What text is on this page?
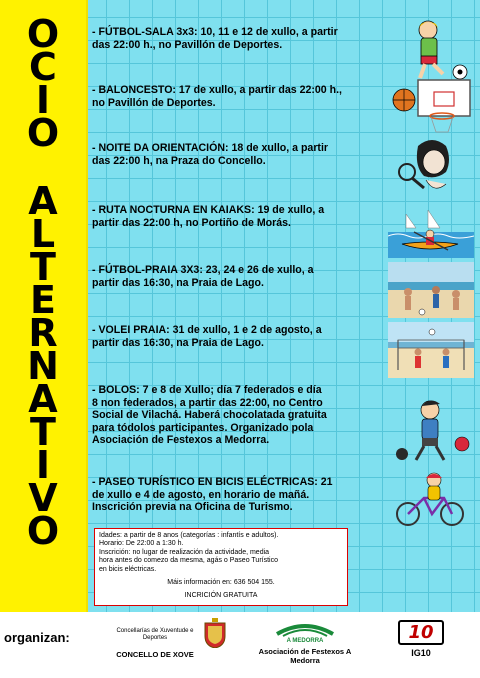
O
C
I
O
A
L
T
E
R
N
A
T
I
V
O
- FÚTBOL-SALA 3x3: 10, 11 e 12 de xullo, a partir
das 22:00 h., no Pavillón de Deportes.
- BALONCESTO: 17 de xullo, a partir das 22:00 h.,
no Pavillón de Deportes.
- NOITE DA ORIENTACIÓN: 18 de xullo, a partir
das 22:00 h, na Praza do Concello.
- RUTA NOCTURNA EN KAIAKS: 19 de xullo, a
partir das 22:00 h, no Portiño de Morás.
- FÚTBOL-PRAIA 3X3: 23, 24 e 26 de xullo, a
partir das 16:30, na Praia de Lago.
- VOLEI PRAIA: 31 de xullo, 1 e 2 de agosto, a
partir das 16:30, na Praia de Lago.
- BOLOS: 7 e 8 de Xullo; día 7 federados e día
8 non federados, a partir das 22:00, no Centro
Social de Vilachá. Haberá chocolatada gratuita
para tódolos participantes. Organizado pola
Asociación de Festexos a Medorra.
- PASEO TURÍSTICO EN BICIS ELÉCTRICAS: 21
de xullo e 4 de agosto, en horario de mañá.
Inscrición previa na Oficina de Turismo.
Idades: a partir de 8 anos (categorías : infantís e adultos).
Horario: De 22:00 a 1:30 h.
Inscrición: no lugar de realización da actividade, media
hora antes do comezo da mesma, agás o Paseo Turístico
en bicis eléctricas.
Máis información en: 636 504 155.
INCRICIÓN GRATUITA
organizan:	Concellarías de Xuventude e Deportes
CONCELLO DE XOVE
A MEDORRA
Asociación de Festexos A Medorra
10
IG10
